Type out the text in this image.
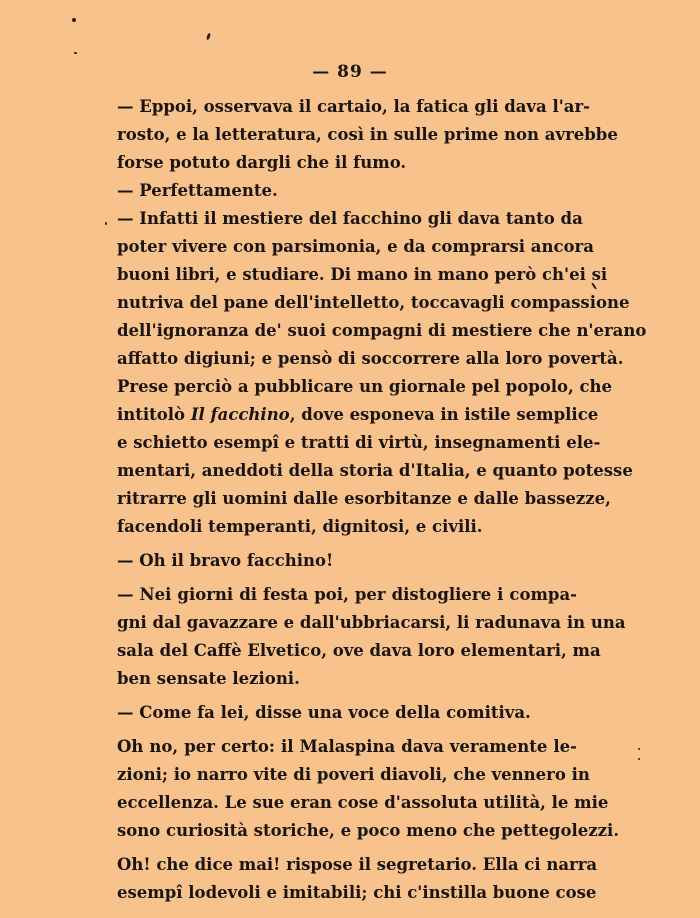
— 89 —
— Eppoi, osservava il cartaio, la fatica gli dava l'ar-
rosto, e la letteratura, così in sulle prime non avrebbe
forse potuto dargli che il fumo.
— Perfettamente.
— Infatti il mestiere del facchino gli dava tanto da
poter vivere con parsimonia, e da comprarsi ancora
buoni libri, e studiare. Di mano in mano però ch'ei si
nutriva del pane dell'intelletto, toccavagli compassione
dell'ignoranza de' suoi compagni di mestiere che n'erano
affatto digiuni; e pensò di soccorrere alla loro povertà.
Prese perciò a pubblicare un giornale pel popolo, che
intitolò Il facchino, dove esponeva in istile semplice
e schietto esempî e tratti di virtù, insegnamenti ele-
mentari, aneddoti della storia d'Italia, e quanto potesse
ritrarre gli uomini dalle esorbitanze e dalle bassezze,
facendoli temperanti, dignitosi, e civili.
— Oh il bravo facchino!
— Nei giorni di festa poi, per distogliere i compa-
gni dal gavazzare e dall'ubbriacarsi, li radunava in una
sala del Caffè Elvetico, ove dava loro elementari, ma
ben sensate lezioni.
— Come fa lei, disse una voce della comitiva.
Oh no, per certo: il Malaspina dava veramente le-
zioni; io narro vite di poveri diavoli, che vennero in
eccellenza. Le sue eran cose d'assoluta utilità, le mie
sono curiosità storiche, e poco meno che pettegolezzi.
Oh! che dice mai! rispose il segretario. Ella ci narra
esempî lodevoli e imitabili; chi c'instilla buone cose
